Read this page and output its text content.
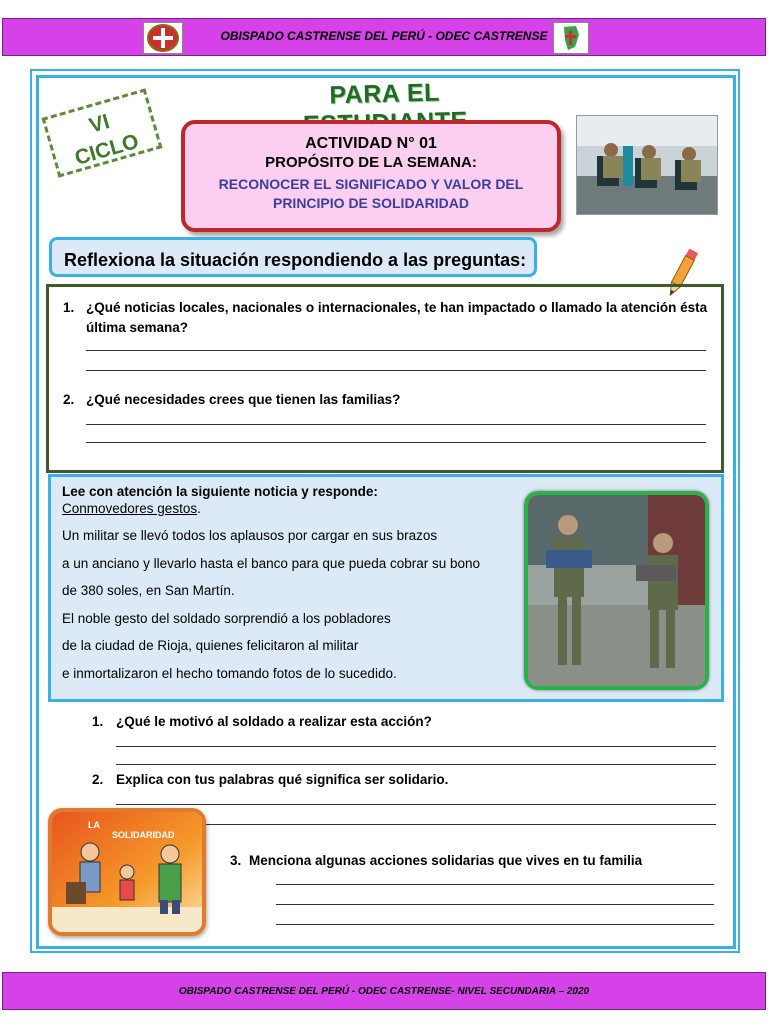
OBISPADO CASTRENSE DEL PERÚ - ODEC CASTRENSE
VI
CICLO
PARA EL
ACTIVIDAD N° 01
PROPÓSITO DE LA SEMANA:
RECONOCER EL SIGNIFICADO Y VALOR DEL
PRINCIPIO DE SOLIDARIDAD
Reflexiona la situación respondiendo a las preguntas:
1. ¿Qué noticias locales, nacionales o internacionales, te han impactado o llamado la atención ésta
última semana?
2. ¿Qué necesidades crees que tienen las familias?
Lee con atención la siguiente noticia y responde:
Conmovedores gestos.
Un militar se llevó todos los aplausos por cargar en sus brazos
a un anciano y llevarlo hasta el banco para que pueda cobrar su bono
de 380 soles, en San Martín.
El noble gesto del soldado sorprendió a los pobladores
de la ciudad de Rioja, quienes felicitaron al militar
e inmortalizaron el hecho tomando fotos de lo sucedido.
1. ¿Qué le motivó al soldado a realizar esta acción?
2. Explica con tus palabras qué significa ser solidario.
LA
SOLIDARIDAD
3. Menciona algunas acciones solidarias que vives en tu familia
OBISPADO CASTRENSE DEL PERÚ - ODEC CASTRENSE- NIVEL SECUNDARIA – 2020
